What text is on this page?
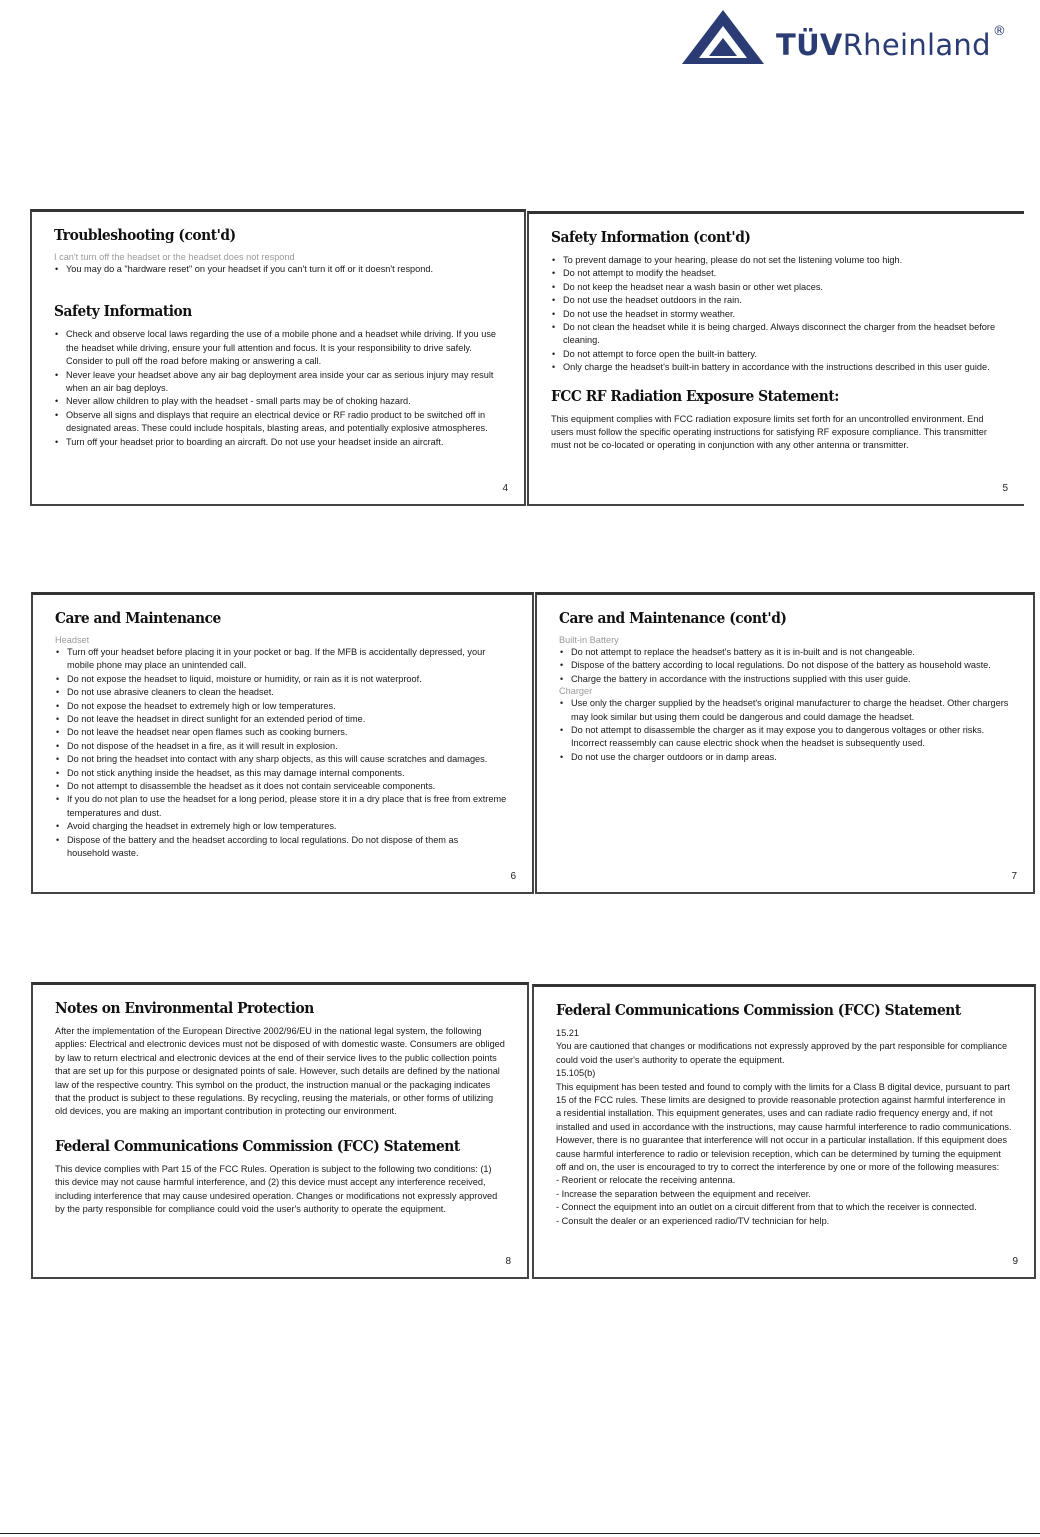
TÜVRheinland ®
Troubleshooting (cont'd)
I can't turn off the headset or the headset does not respond
• You may do a "hardware reset" on your headset if you can't turn it off or it doesn't respond.
Safety Information
• Check and observe local laws regarding the use of a mobile phone and a headset while driving. If you use the headset while driving, ensure your full attention and focus. It is your responsibility to drive safely. Consider to pull off the road before making or answering a call.
• Never leave your headset above any air bag deployment area inside your car as serious injury may result when an air bag deploys.
• Never allow children to play with the headset - small parts may be of choking hazard.
• Observe all signs and displays that require an electrical device or RF radio product to be switched off in designated areas. These could include hospitals, blasting areas, and potentially explosive atmospheres.
• Turn off your headset prior to boarding an aircraft. Do not use your headset inside an aircraft.
4
Safety Information (cont'd)
• To prevent damage to your hearing, please do not set the listening volume too high.
• Do not attempt to modify the headset.
• Do not keep the headset near a wash basin or other wet places.
• Do not use the headset outdoors in the rain.
• Do not use the headset in stormy weather.
• Do not clean the headset while it is being charged. Always disconnect the charger from the headset before cleaning.
• Do not attempt to force open the built-in battery.
• Only charge the headset's built-in battery in accordance with the instructions described in this user guide.
FCC RF Radiation Exposure Statement:

This equipment complies with FCC radiation exposure limits set forth for an uncontrolled environment. End users must follow the specific operating instructions for satisfying RF exposure compliance. This transmitter must not be co-located or operating in conjunction with any other antenna or transmitter.

5
Care and Maintenance
Headset
• Turn off your headset before placing it in your pocket or bag. If the MFB is accidentally depressed, your mobile phone may place an unintended call.
• Do not expose the headset to liquid, moisture or humidity, or rain as it is not waterproof.
• Do not use abrasive cleaners to clean the headset.
• Do not expose the headset to extremely high or low temperatures.
• Do not leave the headset in direct sunlight for an extended period of time.
• Do not leave the headset near open flames such as cooking burners.
• Do not dispose of the headset in a fire, as it will result in explosion.
• Do not bring the headset into contact with any sharp objects, as this will cause scratches and damages.
• Do not stick anything inside the headset, as this may damage internal components.
• Do not attempt to disassemble the headset as it does not contain serviceable components.
• If you do not plan to use the headset for a long period, please store it in a dry place that is free from extreme temperatures and dust.
• Avoid charging the headset in extremely high or low temperatures.
• Dispose of the battery and the headset according to local regulations. Do not dispose of them as household waste.
6
Care and Maintenance (cont'd)
Built-in Battery
• Do not attempt to replace the headset's battery as it is in-built and is not changeable.
• Dispose of the battery according to local regulations. Do not dispose of the battery as household waste.
• Charge the battery in accordance with the instructions supplied with this user guide.
Charger
• Use only the charger supplied by the headset's original manufacturer to charge the headset. Other chargers may look similar but using them could be dangerous and could damage the headset.
• Do not attempt to disassemble the charger as it may expose you to dangerous voltages or other risks. Incorrect reassembly can cause electric shock when the headset is subsequently used.
• Do not use the charger outdoors or in damp areas.
7
Notes on Environmental Protection

After the implementation of the European Directive 2002/96/EU in the national legal system, the following applies: Electrical and electronic devices must not be disposed of with domestic waste. Consumers are obliged by law to return electrical and electronic devices at the end of their service lives to the public collection points that are set up for this purpose or designated points of sale. However, such details are defined by the national law of the respective country. This symbol on the product, the instruction manual or the packaging indicates that the product is subject to these regulations. By recycling, reusing the materials, or other forms of utilizing old devices, you are making an important contribution in protecting our environment.

Federal Communications Commission (FCC) Statement

This device complies with Part 15 of the FCC Rules. Operation is subject to the following two conditions: (1) this device may not cause harmful interference, and (2) this device must accept any interference received, including interference that may cause undesired operation. Changes or modifications not expressly approved by the party responsible for compliance could void the user's authority to operate the equipment.

8
Federal Communications Commission (FCC) Statement
15.21

You are cautioned that changes or modifications not expressly approved by the part responsible for compliance could void the user's authority to operate the equipment.

15.105(b)

This equipment has been tested and found to comply with the limits for a Class B digital device, pursuant to part 15 of the FCC rules. These limits are designed to provide reasonable protection against harmful interference in a residential installation. This equipment generates, uses and can radiate radio frequency energy and, if not installed and used in accordance with the instructions, may cause harmful interference to radio communications. However, there is no guarantee that interference will not occur in a particular installation. If this equipment does cause harmful interference to radio or television reception, which can be determined by turning the equipment off and on, the user is encouraged to try to correct the interference by one or more of the following measures:

- Reorient or relocate the receiving antenna.
- Increase the separation between the equipment and receiver.
- Connect the equipment into an outlet on a circuit different from that to which the receiver is connected.
- Consult the dealer or an experienced radio/TV technician for help.
9
